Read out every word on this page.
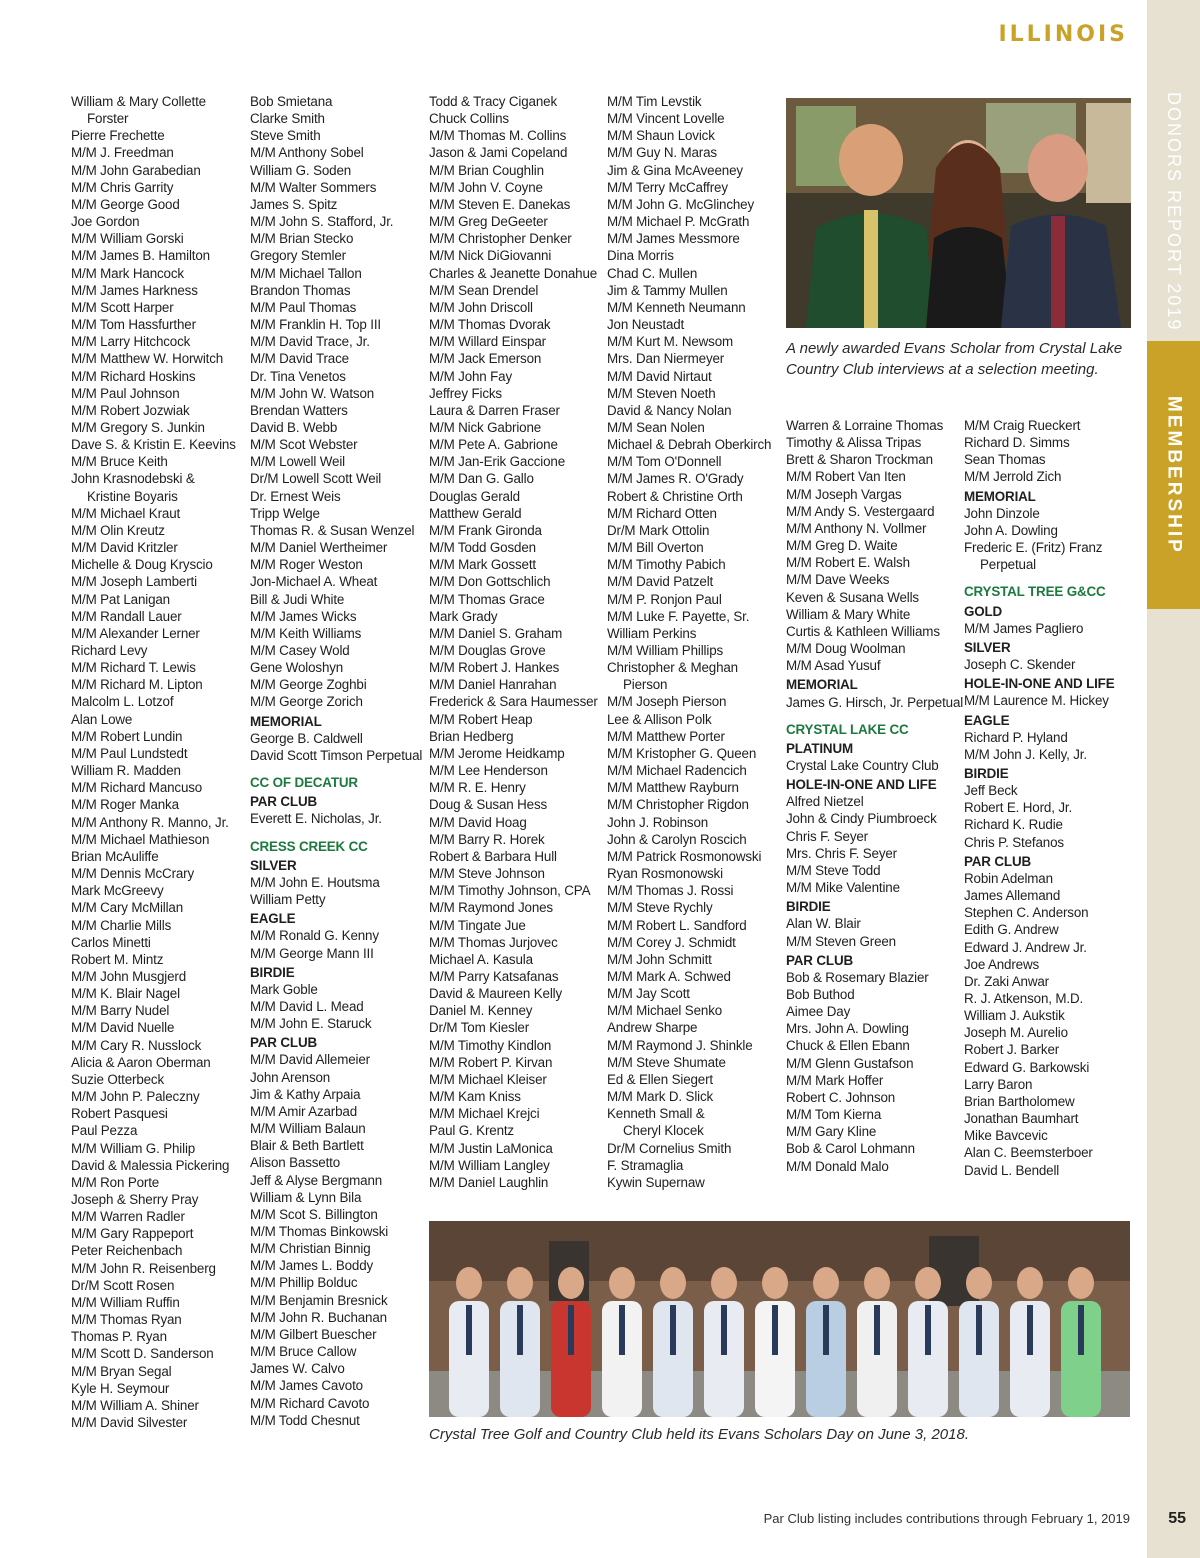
ILLINOIS
DONORS REPORT 2019
MEMBERSHIP
William & Mary Collette
Forster
Pierre Frechette
M/M J. Freedman
M/M John Garabedian
M/M Chris Garrity
M/M George Good
Joe Gordon
M/M William Gorski
M/M James B. Hamilton
M/M Mark Hancock
M/M James Harkness
M/M Scott Harper
M/M Tom Hassfurther
M/M Larry Hitchcock
M/M Matthew W. Horwitch
M/M Richard Hoskins
M/M Paul Johnson
M/M Robert Jozwiak
M/M Gregory S. Junkin
Dave S. & Kristin E. Keevins
M/M Bruce Keith
John Krasnodebski &
Kristine Boyaris
M/M Michael Kraut
M/M Olin Kreutz
M/M David Kritzler
Michelle & Doug Kryscio
M/M Joseph Lamberti
M/M Pat Lanigan
M/M Randall Lauer
M/M Alexander Lerner
Richard Levy
M/M Richard T. Lewis
M/M Richard M. Lipton
Malcolm L. Lotzof
Alan Lowe
M/M Robert Lundin
M/M Paul Lundstedt
William R. Madden
M/M Richard Mancuso
M/M Roger Manka
M/M Anthony R. Manno, Jr.
M/M Michael Mathieson
Brian McAuliffe
M/M Dennis McCrary
Mark McGreevy
M/M Cary McMillan
M/M Charlie Mills
Carlos Minetti
Robert M. Mintz
M/M John Musgjerd
M/M K. Blair Nagel
M/M Barry Nudel
M/M David Nuelle
M/M Cary R. Nusslock
Alicia & Aaron Oberman
Suzie Otterbeck
M/M John P. Paleczny
Robert Pasquesi
Paul Pezza
M/M William G. Philip
David & Malessia Pickering
M/M Ron Porte
Joseph & Sherry Pray
M/M Warren Radler
M/M Gary Rappeport
Peter Reichenbach
M/M John R. Reisenberg
Dr/M Scott Rosen
M/M William Ruffin
M/M Thomas Ryan
Thomas P. Ryan
M/M Scott D. Sanderson
M/M Bryan Segal
Kyle H. Seymour
M/M William A. Shiner
M/M David Silvester
Bob Smietana
Clarke Smith
Steve Smith
M/M Anthony Sobel
William G. Soden
M/M Walter Sommers
James S. Spitz
M/M John S. Stafford, Jr.
M/M Brian Stecko
Gregory Stemler
M/M Michael Tallon
Brandon Thomas
M/M Paul Thomas
M/M Franklin H. Top III
M/M David Trace, Jr.
M/M David Trace
Dr. Tina Venetos
M/M John W. Watson
Brendan Watters
David B. Webb
M/M Scot Webster
M/M Lowell Weil
Dr/M Lowell Scott Weil
Dr. Ernest Weis
Tripp Welge
Thomas R. & Susan Wenzel
M/M Daniel Wertheimer
M/M Roger Weston
Jon-Michael A. Wheat
Bill & Judi White
M/M James Wicks
M/M Keith Williams
M/M Casey Wold
Gene Woloshyn
M/M George Zoghbi
M/M George Zorich
MEMORIAL
George B. Caldwell
David Scott Timson Perpetual
CC OF DECATUR
PAR CLUB
Everett E. Nicholas, Jr.
CRESS CREEK CC
SILVER
M/M John E. Houtsma
William Petty
EAGLE
M/M Ronald G. Kenny
M/M George Mann III
BIRDIE
Mark Goble
M/M David L. Mead
M/M John E. Staruck
PAR CLUB
M/M David Allemeier
John Arenson
Jim & Kathy Arpaia
M/M Amir Azarbad
M/M William Balaun
Blair & Beth Bartlett
Alison Bassetto
Jeff & Alyse Bergmann
William & Lynn Bila
M/M Scot S. Billington
M/M Thomas Binkowski
M/M Christian Binnig
M/M James L. Boddy
M/M Phillip Bolduc
M/M Benjamin Bresnick
M/M John R. Buchanan
M/M Gilbert Buescher
M/M Bruce Callow
James W. Calvo
M/M James Cavoto
M/M Richard Cavoto
M/M Todd Chesnut
Todd & Tracy Ciganek
Chuck Collins
M/M Thomas M. Collins
Jason & Jami Copeland
M/M Brian Coughlin
M/M John V. Coyne
M/M Steven E. Danekas
M/M Greg DeGeeter
M/M Christopher Denker
M/M Nick DiGiovanni
Charles & Jeanette Donahue
M/M Sean Drendel
M/M John Driscoll
M/M Thomas Dvorak
M/M Willard Einspar
M/M Jack Emerson
M/M John Fay
Jeffrey Ficks
Laura & Darren Fraser
M/M Nick Gabrione
M/M Pete A. Gabrione
M/M Jan-Erik Gaccione
M/M Dan G. Gallo
Douglas Gerald
Matthew Gerald
M/M Frank Gironda
M/M Todd Gosden
M/M Mark Gossett
M/M Don Gottschlich
M/M Thomas Grace
Mark Grady
M/M Daniel S. Graham
M/M Douglas Grove
M/M Robert J. Hankes
M/M Daniel Hanrahan
Frederick & Sara Haumesser
M/M Robert Heap
Brian Hedberg
M/M Jerome Heidkamp
M/M Lee Henderson
M/M R. E. Henry
Doug & Susan Hess
M/M David Hoag
M/M Barry R. Horek
Robert & Barbara Hull
M/M Steve Johnson
M/M Timothy Johnson, CPA
M/M Raymond Jones
M/M Tingate Jue
M/M Thomas Jurjovec
Michael A. Kasula
M/M Parry Katsafanas
David & Maureen Kelly
Daniel M. Kenney
Dr/M Tom Kiesler
M/M Timothy Kindlon
M/M Robert P. Kirvan
M/M Michael Kleiser
M/M Kam Kniss
M/M Michael Krejci
Paul G. Krentz
M/M Justin LaMonica
M/M William Langley
M/M Daniel Laughlin
M/M Tim Levstik
M/M Vincent Lovelle
M/M Shaun Lovick
M/M Guy N. Maras
Jim & Gina McAveeney
M/M Terry McCaffrey
M/M John G. McGlinchey
M/M Michael P. McGrath
M/M James Messmore
Dina Morris
Chad C. Mullen
Jim & Tammy Mullen
M/M Kenneth Neumann
Jon Neustadt
M/M Kurt M. Newsom
Mrs. Dan Niermeyer
M/M David Nirtaut
M/M Steven Noeth
David & Nancy Nolan
M/M Sean Nolen
Michael & Debrah Oberkirch
M/M Tom O'Donnell
M/M James R. O'Grady
Robert & Christine Orth
M/M Richard Otten
Dr/M Mark Ottolin
M/M Bill Overton
M/M Timothy Pabich
M/M David Patzelt
M/M P. Ronjon Paul
M/M Luke F. Payette, Sr.
William Perkins
M/M William Phillips
Christopher & Meghan
Pierson
M/M Joseph Pierson
Lee & Allison Polk
M/M Matthew Porter
M/M Kristopher G. Queen
M/M Michael Radencich
M/M Matthew Rayburn
M/M Christopher Rigdon
John J. Robinson
John & Carolyn Roscich
M/M Patrick Rosmonowski
Ryan Rosmonowski
M/M Thomas J. Rossi
M/M Steve Rychly
M/M Robert L. Sandford
M/M Corey J. Schmidt
M/M John Schmitt
M/M Mark A. Schwed
M/M Jay Scott
M/M Michael Senko
Andrew Sharpe
M/M Raymond J. Shinkle
M/M Steve Shumate
Ed & Ellen Siegert
M/M Mark D. Slick
Kenneth Small &
Cheryl Klocek
Dr/M Cornelius Smith
F. Stramaglia
Kywin Supernaw
Warren & Lorraine Thomas
Timothy & Alissa Tripas
Brett & Sharon Trockman
M/M Robert Van Iten
M/M Joseph Vargas
M/M Andy S. Vestergaard
M/M Anthony N. Vollmer
M/M Greg D. Waite
M/M Robert E. Walsh
M/M Dave Weeks
Keven & Susana Wells
William & Mary White
Curtis & Kathleen Williams
M/M Doug Woolman
M/M Asad Yusuf
MEMORIAL
James G. Hirsch, Jr. Perpetual
CRYSTAL LAKE CC
PLATINUM
Crystal Lake Country Club
HOLE-IN-ONE AND LIFE
Alfred Nietzel
John & Cindy Piumbroeck
Chris F. Seyer
Mrs. Chris F. Seyer
M/M Steve Todd
M/M Mike Valentine
BIRDIE
Alan W. Blair
M/M Steven Green
PAR CLUB
Bob & Rosemary Blazier
Bob Buthod
Aimee Day
Mrs. John A. Dowling
Chuck & Ellen Ebann
M/M Glenn Gustafson
M/M Mark Hoffer
Robert C. Johnson
M/M Tom Kierna
M/M Gary Kline
Bob & Carol Lohmann
M/M Donald Malo
M/M Craig Rueckert
Richard D. Simms
Sean Thomas
M/M Jerrold Zich
MEMORIAL
John Dinzole
John A. Dowling
Frederic E. (Fritz) Franz
Perpetual
CRYSTAL TREE G&CC
GOLD
M/M James Pagliero
SILVER
Joseph C. Skender
HOLE-IN-ONE AND LIFE
M/M Laurence M. Hickey
EAGLE
Richard P. Hyland
M/M John J. Kelly, Jr.
BIRDIE
Jeff Beck
Robert E. Hord, Jr.
Richard K. Rudie
Chris P. Stefanos
PAR CLUB
Robin Adelman
James Allemand
Stephen C. Anderson
Edith G. Andrew
Edward J. Andrew Jr.
Joe Andrews
Dr. Zaki Anwar
R. J. Atkenson, M.D.
William J. Aukstik
Joseph M. Aurelio
Robert J. Barker
Edward G. Barkowski
Larry Baron
Brian Bartholomew
Jonathan Baumhart
Mike Bavcevic
Alan C. Beemsterboer
David L. Bendell
A newly awarded Evans Scholar from Crystal Lake Country Club interviews at a selection meeting.
Crystal Tree Golf and Country Club held its Evans Scholars Day on June 3, 2018.
Par Club listing includes contributions through February 1, 2019 55
